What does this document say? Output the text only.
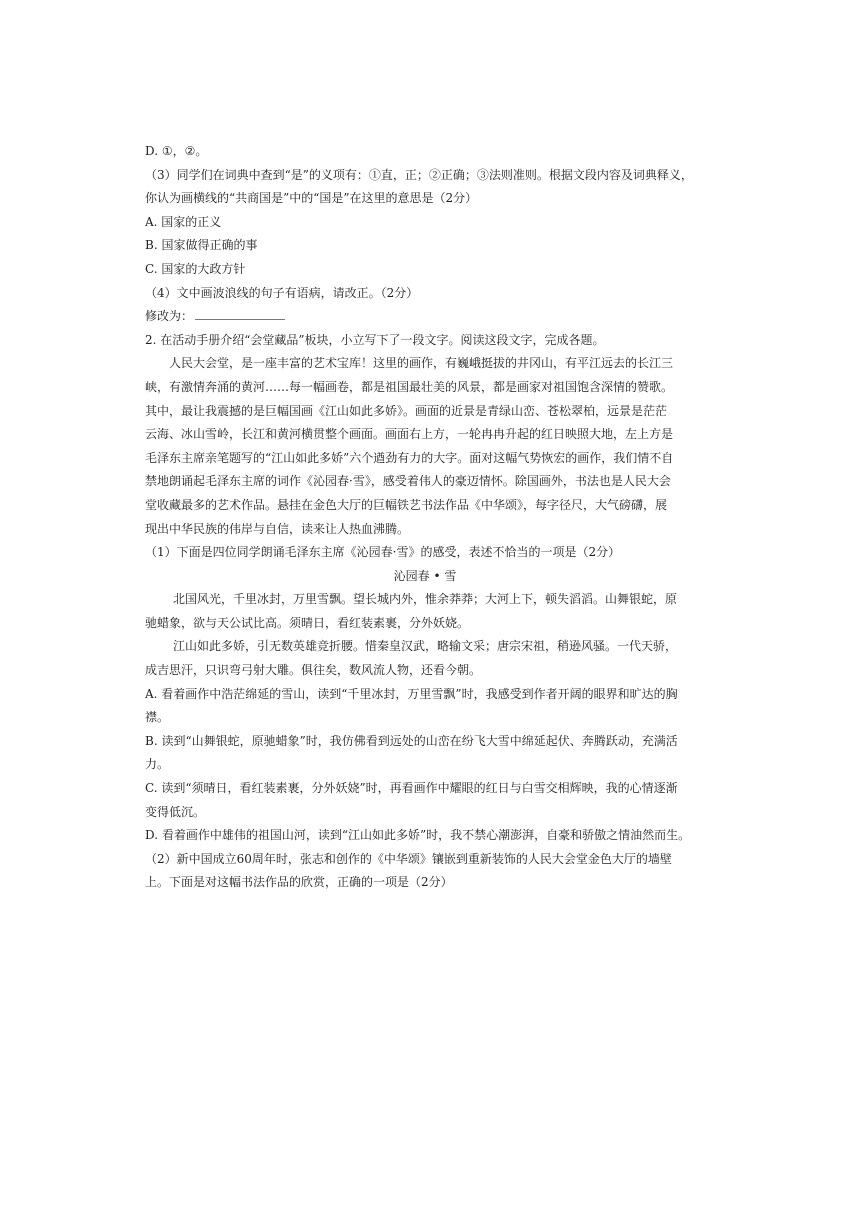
D. ①，②。
（3）同学们在词典中查到“是”的义项有：①直，正；②正确；③法则准则。根据文段内容及词典释义，
你认为画横线的“共商国是”中的“国是”在这里的意思是（2分）
A. 国家的正义
B. 国家做得正确的事
C. 国家的大政方针
（4）文中画波浪线的句子有语病，请改正。（2分）
修改为：
2. 在活动手册介绍“会堂藏品”板块，小立写下了一段文字。阅读这段文字，完成各题。
人民大会堂，是一座丰富的艺术宝库！这里的画作，有巍峨挺拔的井冈山，有平江远去的长江三
峡，有激情奔涌的黄河……每一幅画卷，都是祖国最壮美的风景，都是画家对祖国饱含深情的赞歌。
其中，最让我震撼的是巨幅国画《江山如此多娇》。画面的近景是青绿山峦、苍松翠柏，远景是茫茫
云海、冰山雪岭，长江和黄河横贯整个画面。画面右上方，一轮冉冉升起的红日映照大地，左上方是
毛泽东主席亲笔题写的“江山如此多娇”六个遒劲有力的大字。面对这幅气势恢宏的画作，我们情不自
禁地朗诵起毛泽东主席的词作《沁园春·雪》，感受着伟人的豪迈情怀。除国画外，书法也是人民大会
堂收藏最多的艺术作品。悬挂在金色大厅的巨幅铁艺书法作品《中华颂》，每字径尺，大气磅礴，展
现出中华民族的伟岸与自信，读来让人热血沸腾。
（1）下面是四位同学朗诵毛泽东主席《沁园春·雪》的感受，表述不恰当的一项是（2分）
沁园春 • 雪
北国风光，千里冰封，万里雪飘。望长城内外，惟余莽莽；大河上下，顿失滔滔。山舞银蛇，原
驰蜡象，欲与天公试比高。须晴日，看红装素裹，分外妖娆。
江山如此多娇，引无数英雄竞折腰。惜秦皇汉武，略输文采；唐宗宋祖，稍逊风骚。一代天骄，
成吉思汗，只识弯弓射大雕。俱往矣，数风流人物，还看今朝。
A. 看着画作中浩茫绵延的雪山，读到“千里冰封，万里雪飘”时，我感受到作者开阔的眼界和旷达的胸
襟。
B. 读到“山舞银蛇，原驰蜡象”时，我仿佛看到远处的山峦在纷飞大雪中绵延起伏、奔腾跃动，充满活
力。
C. 读到“须晴日，看红装素裹，分外妖娆”时，再看画作中耀眼的红日与白雪交相辉映，我的心情逐渐
变得低沉。
D. 看着画作中雄伟的祖国山河，读到“江山如此多娇”时，我不禁心潮澎湃，自豪和骄傲之情油然而生。
（2）新中国成立60周年时，张志和创作的《中华颂》镶嵌到重新装饰的人民大会堂金色大厅的墙壁
上。下面是对这幅书法作品的欣赏，正确的一项是（2分）
